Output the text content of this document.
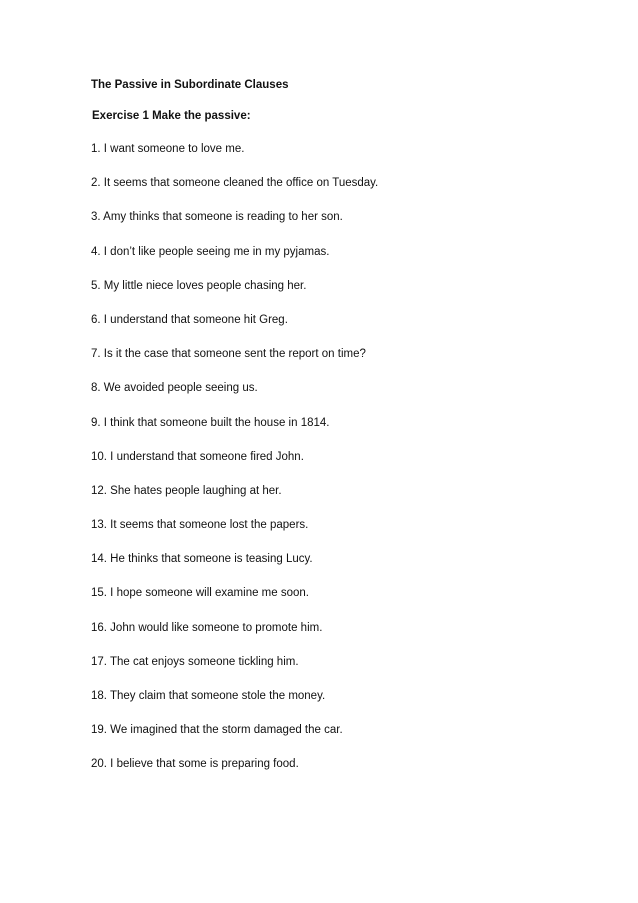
The Passive in Subordinate Clauses
Exercise 1 Make the passive:
1. I want someone to love me.
2. It seems that someone cleaned the office on Tuesday.
3. Amy thinks that someone is reading to her son.
4. I don’t like people seeing me in my pyjamas.
5. My little niece loves people chasing her.
6. I understand that someone hit Greg.
7. Is it the case that someone sent the report on time?
8. We avoided people seeing us.
9. I think that someone built the house in 1814.
10. I understand that someone fired John.
12. She hates people laughing at her.
13. It seems that someone lost the papers.
14. He thinks that someone is teasing Lucy.
15. I hope someone will examine me soon.
16. John would like someone to promote him.
17. The cat enjoys someone tickling him.
18. They claim that someone stole the money.
19. We imagined that the storm damaged the car.
20. I believe that some is preparing food.
